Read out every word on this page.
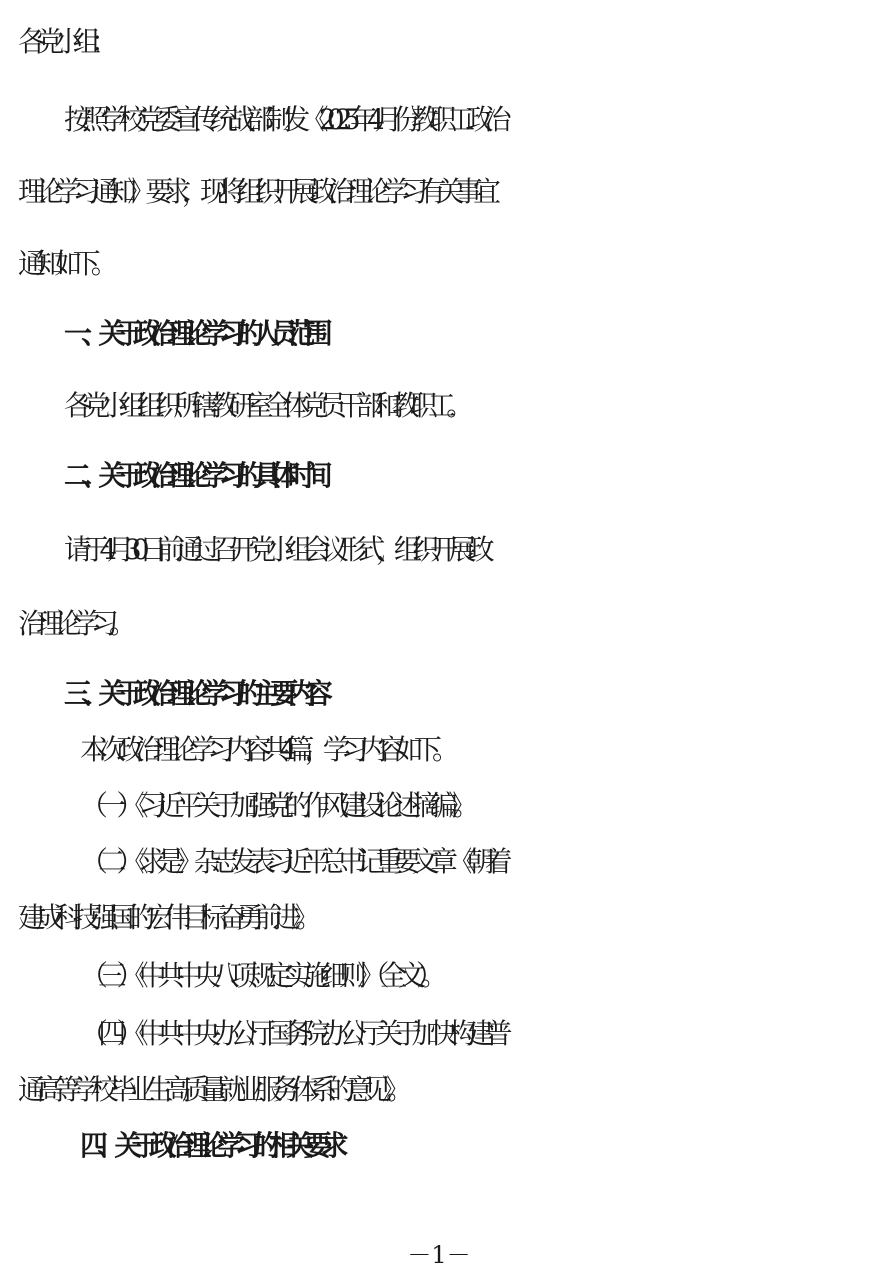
各党小组：
按照学校党委宣传统战部制发《2025 年 4 月份教职工政治
理论学习通知》要求，现将组织开展政治理论学习有关事宜
通知如下。
一、关于政治理论学习的人员范围
各党小组组织所辖教研室全体党员干部和教职工。
二、关于政治理论学习的具体时间
请于 4 月 30 日前通过召开党小组会议形式，组织开展政
治理论学习。
三、关于政治理论学习的主要内容
本次政治理论学习内容共 4 篇，学习内容如下。
（一）《习近平关于加强党的作风建设论述摘编》。
（二）《求是》杂志发表习近平总书记重要文章《朝着
建成科技强国的宏伟目标奋勇前进》。
（三）《中共中央八项规定实施细则》（全文）。
（四）《中共中央办公厅国务院办公厅关于加快构建普
通高等学校毕业生高质量就业服务体系的意见》。
四、关于政治理论学习的相关要求
－1－
